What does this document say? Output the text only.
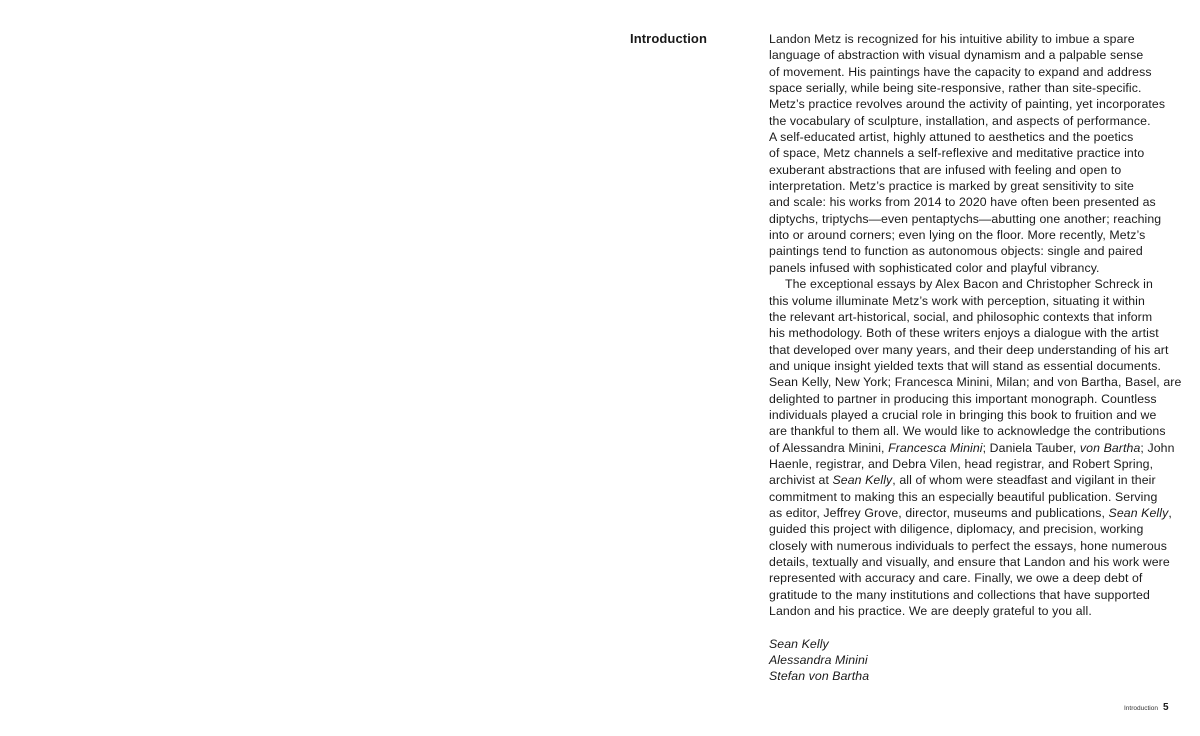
Introduction	Landon Metz is recognized for his intuitive ability to imbue a spare
language of abstraction with visual dynamism and a palpable sense
of movement. His paintings have the capacity to expand and address
space serially, while being site-responsive, rather than site-specific.
Metz’s practice revolves around the activity of painting, yet incorporates
the vocabulary of sculpture, installation, and aspects of performance.
A self-educated artist, highly attuned to aesthetics and the poetics
of space, Metz channels a self-reflexive and meditative practice into
exuberant abstractions that are infused with feeling and open to
interpretation. Metz’s practice is marked by great sensitivity to site
and scale: his works from 2014 to 2020 have often been presented as
diptychs, triptychs—even pentaptychs—abutting one another; reaching
into or around corners; even lying on the floor. More recently, Metz’s
paintings tend to function as autonomous objects: single and paired
panels infused with sophisticated color and playful vibrancy.
The exceptional essays by Alex Bacon and Christopher Schreck in
this volume illuminate Metz’s work with perception, situating it within
the relevant art-historical, social, and philosophic contexts that inform
his methodology. Both of these writers enjoys a dialogue with the artist
that developed over many years, and their deep understanding of his art
and unique insight yielded texts that will stand as essential documents.
Sean Kelly, New York; Francesca Minini, Milan; and von Bartha, Basel, are
delighted to partner in producing this important monograph. Countless
individuals played a crucial role in bringing this book to fruition and we
are thankful to them all. We would like to acknowledge the contributions
of Alessandra Minini, Francesca Minini; Daniela Tauber, von Bartha; John
Haenle, registrar, and Debra Vilen, head registrar, and Robert Spring,
archivist at Sean Kelly, all of whom were steadfast and vigilant in their
commitment to making this an especially beautiful publication. Serving
as editor, Jeffrey Grove, director, museums and publications, Sean Kelly,
guided this project with diligence, diplomacy, and precision, working
closely with numerous individuals to perfect the essays, hone numerous
details, textually and visually, and ensure that Landon and his work were
represented with accuracy and care. Finally, we owe a deep debt of
gratitude to the many institutions and collections that have supported
Landon and his practice. We are deeply grateful to you all.
Sean Kelly
Alessandra Minini
Stefan von Bartha
Introduction 5
